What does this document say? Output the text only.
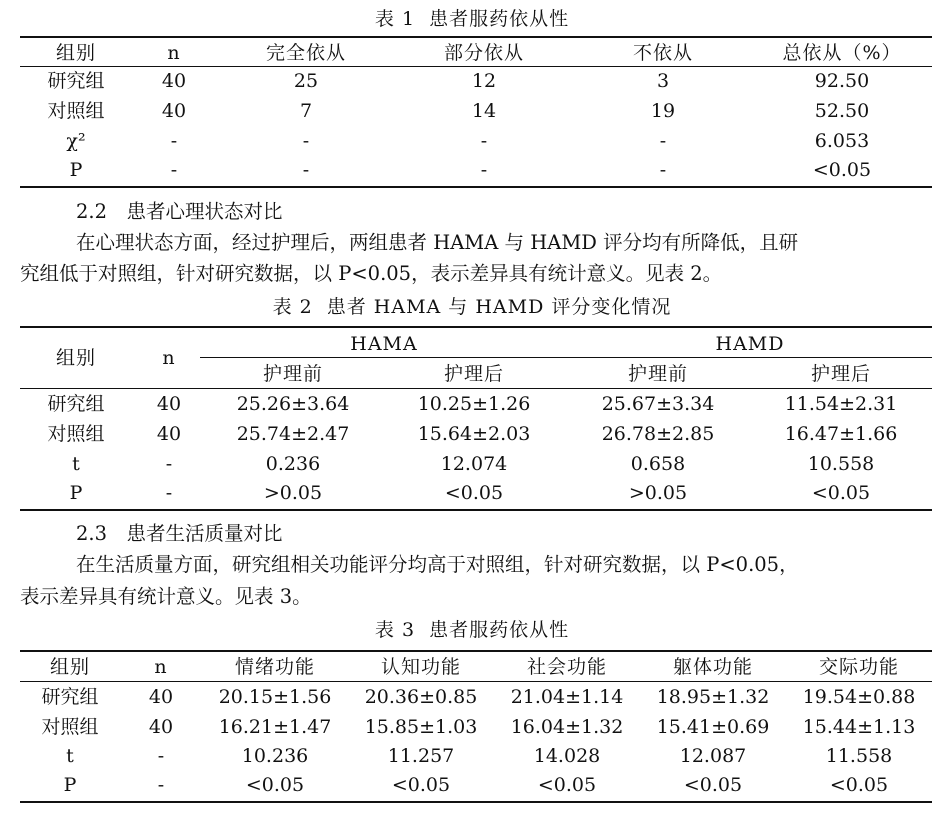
表 1 患者服药依从性
组别	n	完全依从	部分依从	不依从	总依从（%）
研究组	40	25	12	3	92.50
对照组	40	7	14	19	52.50
χ²	-	-	-	-	6.053
P	-	-	-	-	<0.05
2.2　患者心理状态对比
在心理状态方面，经过护理后，两组患者 HAMA 与 HAMD 评分均有所降低，且研
究组低于对照组，针对研究数据，以 P<0.05，表示差异具有统计意义。见表 2。
表 2 患者 HAMA 与 HAMD 评分变化情况
组别	n
HAMA	HAMD
护理前	护理后	护理前	护理后
研究组	40	25.26±3.64	10.25±1.26	25.67±3.34	11.54±2.31
对照组	40	25.74±2.47	15.64±2.03	26.78±2.85	16.47±1.66
t	-	0.236	12.074	0.658	10.558
P	-	>0.05	<0.05	>0.05	<0.05
2.3　患者生活质量对比
在生活质量方面，研究组相关功能评分均高于对照组，针对研究数据，以 P<0.05，
表示差异具有统计意义。见表 3。
表 3 患者服药依从性
组别	n	情绪功能	认知功能	社会功能	躯体功能	交际功能
研究组	40 20.15±1.56 20.36±0.85 21.04±1.14 18.95±1.32 19.54±0.88
对照组	40 16.21±1.47 15.85±1.03 16.04±1.32 15.41±0.69 15.44±1.13
t	-	10.236	11.257	14.028	12.087	11.558
P	-	<0.05	<0.05	<0.05	<0.05	<0.05
